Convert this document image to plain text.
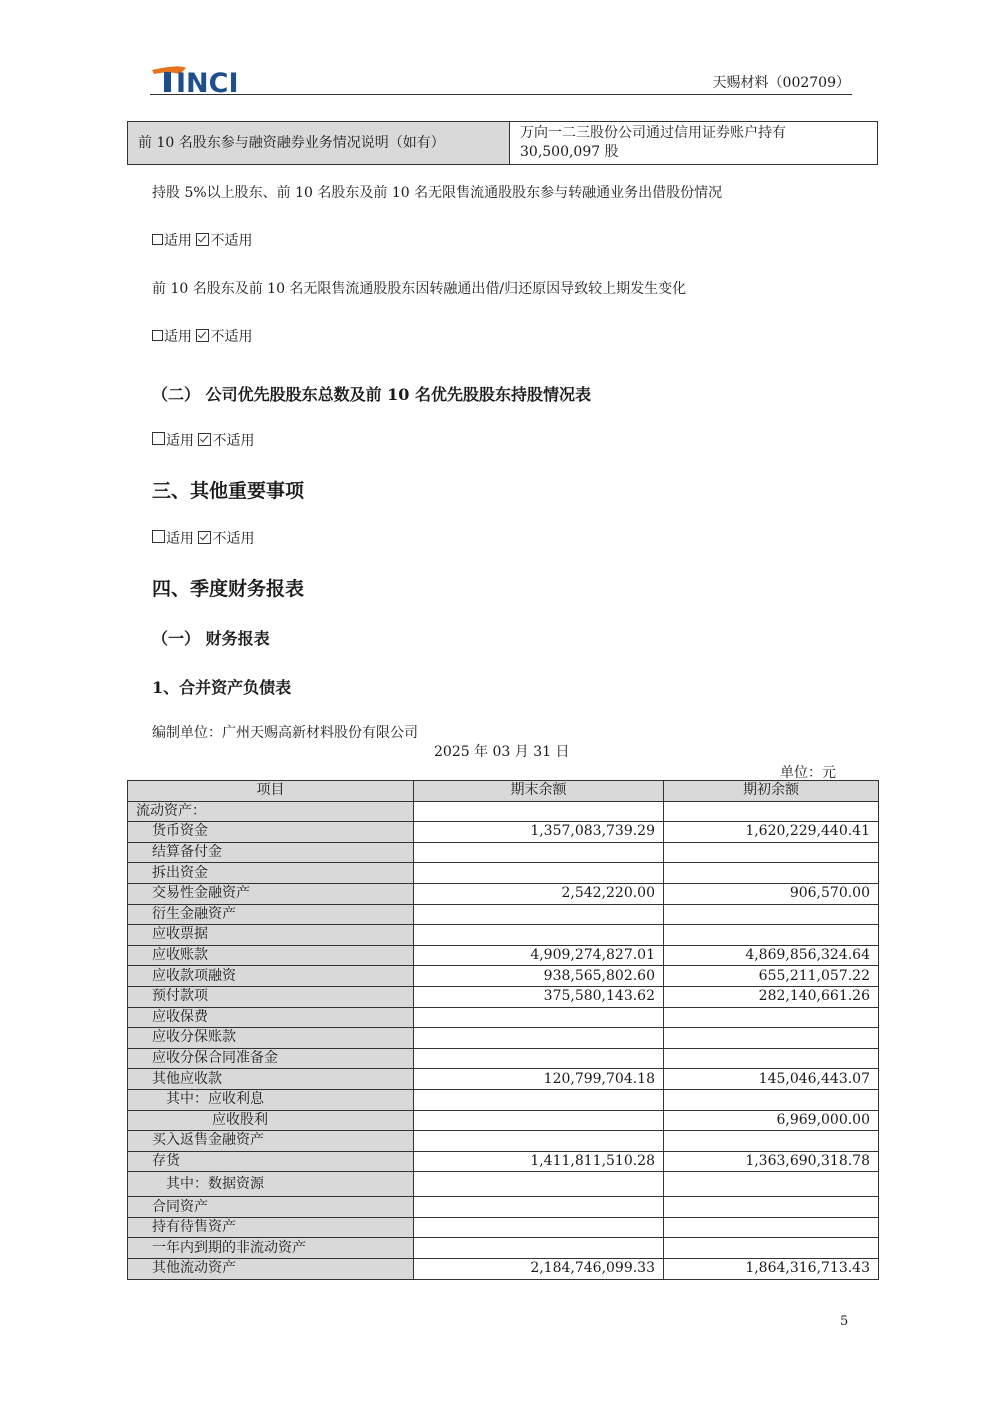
INCI	天赐材料（002709）
前 10 名股东参与融资融券业务情况说明（如有）	万向一二三股份公司通过信用证券账户持有 30,500,097 股
持股 5%以上股东、前 10 名股东及前 10 名无限售流通股股东参与转融通业务出借股份情况
适用 不适用
前 10 名股东及前 10 名无限售流通股股东因转融通出借/归还原因导致较上期发生变化
适用 不适用
（二） 公司优先股股东总数及前 10 名优先股股东持股情况表
适用 不适用
三、其他重要事项
适用 不适用
四、季度财务报表
（一） 财务报表
1、合并资产负债表
编制单位：广州天赐高新材料股份有限公司
2025 年 03 月 31 日
单位：元
项目	期末余额	期初余额
流动资产：		
货币资金	1,357,083,739.29	1,620,229,440.41
结算备付金		
拆出资金		
交易性金融资产	2,542,220.00	906,570.00
衍生金融资产		
应收票据		
应收账款	4,909,274,827.01	4,869,856,324.64
应收款项融资	938,565,802.60	655,211,057.22
预付款项	375,580,143.62	282,140,661.26
应收保费		
应收分保账款		
应收分保合同准备金		
其他应收款	120,799,704.18	145,046,443.07
其中：应收利息		
应收股利		6,969,000.00
买入返售金融资产		
存货	1,411,811,510.28	1,363,690,318.78
其中：数据资源		
合同资产		
持有待售资产		
一年内到期的非流动资产		
其他流动资产	2,184,746,099.33	1,864,316,713.43
5
